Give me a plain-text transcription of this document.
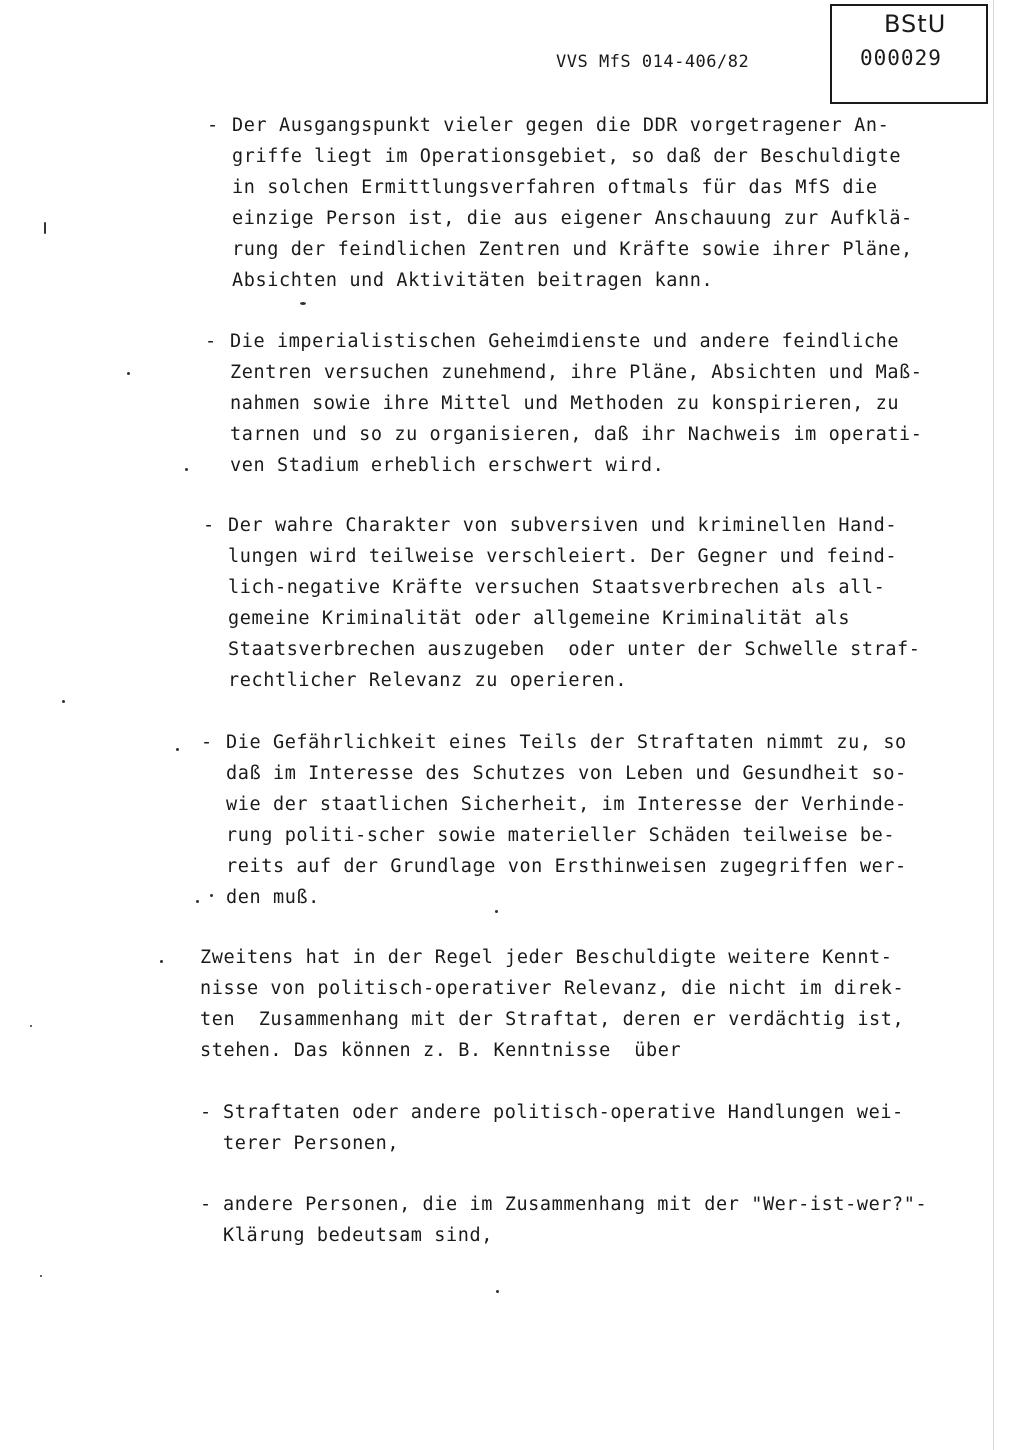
BStU
000029
VVS MfS 014-406/82
- Der Ausgangspunkt vieler gegen die DDR vorgetragener An-
griffe liegt im Operationsgebiet, so daß der Beschuldigte
in solchen Ermittlungsverfahren oftmals für das MfS die
einzige Person ist, die aus eigener Anschauung zur Aufklä-
rung der feindlichen Zentren und Kräfte sowie ihrer Pläne,
Absichten und Aktivitäten beitragen kann.
- Die imperialistischen Geheimdienste und andere feindliche
Zentren versuchen zunehmend, ihre Pläne, Absichten und Maß-
nahmen sowie ihre Mittel und Methoden zu konspirieren, zu
tarnen und so zu organisieren, daß ihr Nachweis im operati-
ven Stadium erheblich erschwert wird.
- Der wahre Charakter von subversiven und kriminellen Hand-
lungen wird teilweise verschleiert. Der Gegner und feind-
lich-negative Kräfte versuchen Staatsverbrechen als all-
gemeine Kriminalität oder allgemeine Kriminalität als
Staatsverbrechen auszugeben  oder unter der Schwelle straf-
rechtlicher Relevanz zu operieren.
- Die Gefährlichkeit eines Teils der Straftaten nimmt zu, so
daß im Interesse des Schutzes von Leben und Gesundheit so-
wie der staatlichen Sicherheit, im Interesse der Verhinde-
rung politi-scher sowie materieller Schäden teilweise be-
reits auf der Grundlage von Ersthinweisen zugegriffen wer-
den muß.
Zweitens hat in der Regel jeder Beschuldigte weitere Kennt-
nisse von politisch-operativer Relevanz, die nicht im direk-
ten  Zusammenhang mit der Straftat, deren er verdächtig ist,
stehen. Das können z. B. Kenntnisse  über
- Straftaten oder andere politisch-operative Handlungen wei-
terer Personen,
- andere Personen, die im Zusammenhang mit der "Wer-ist-wer?"-
Klärung bedeutsam sind,
